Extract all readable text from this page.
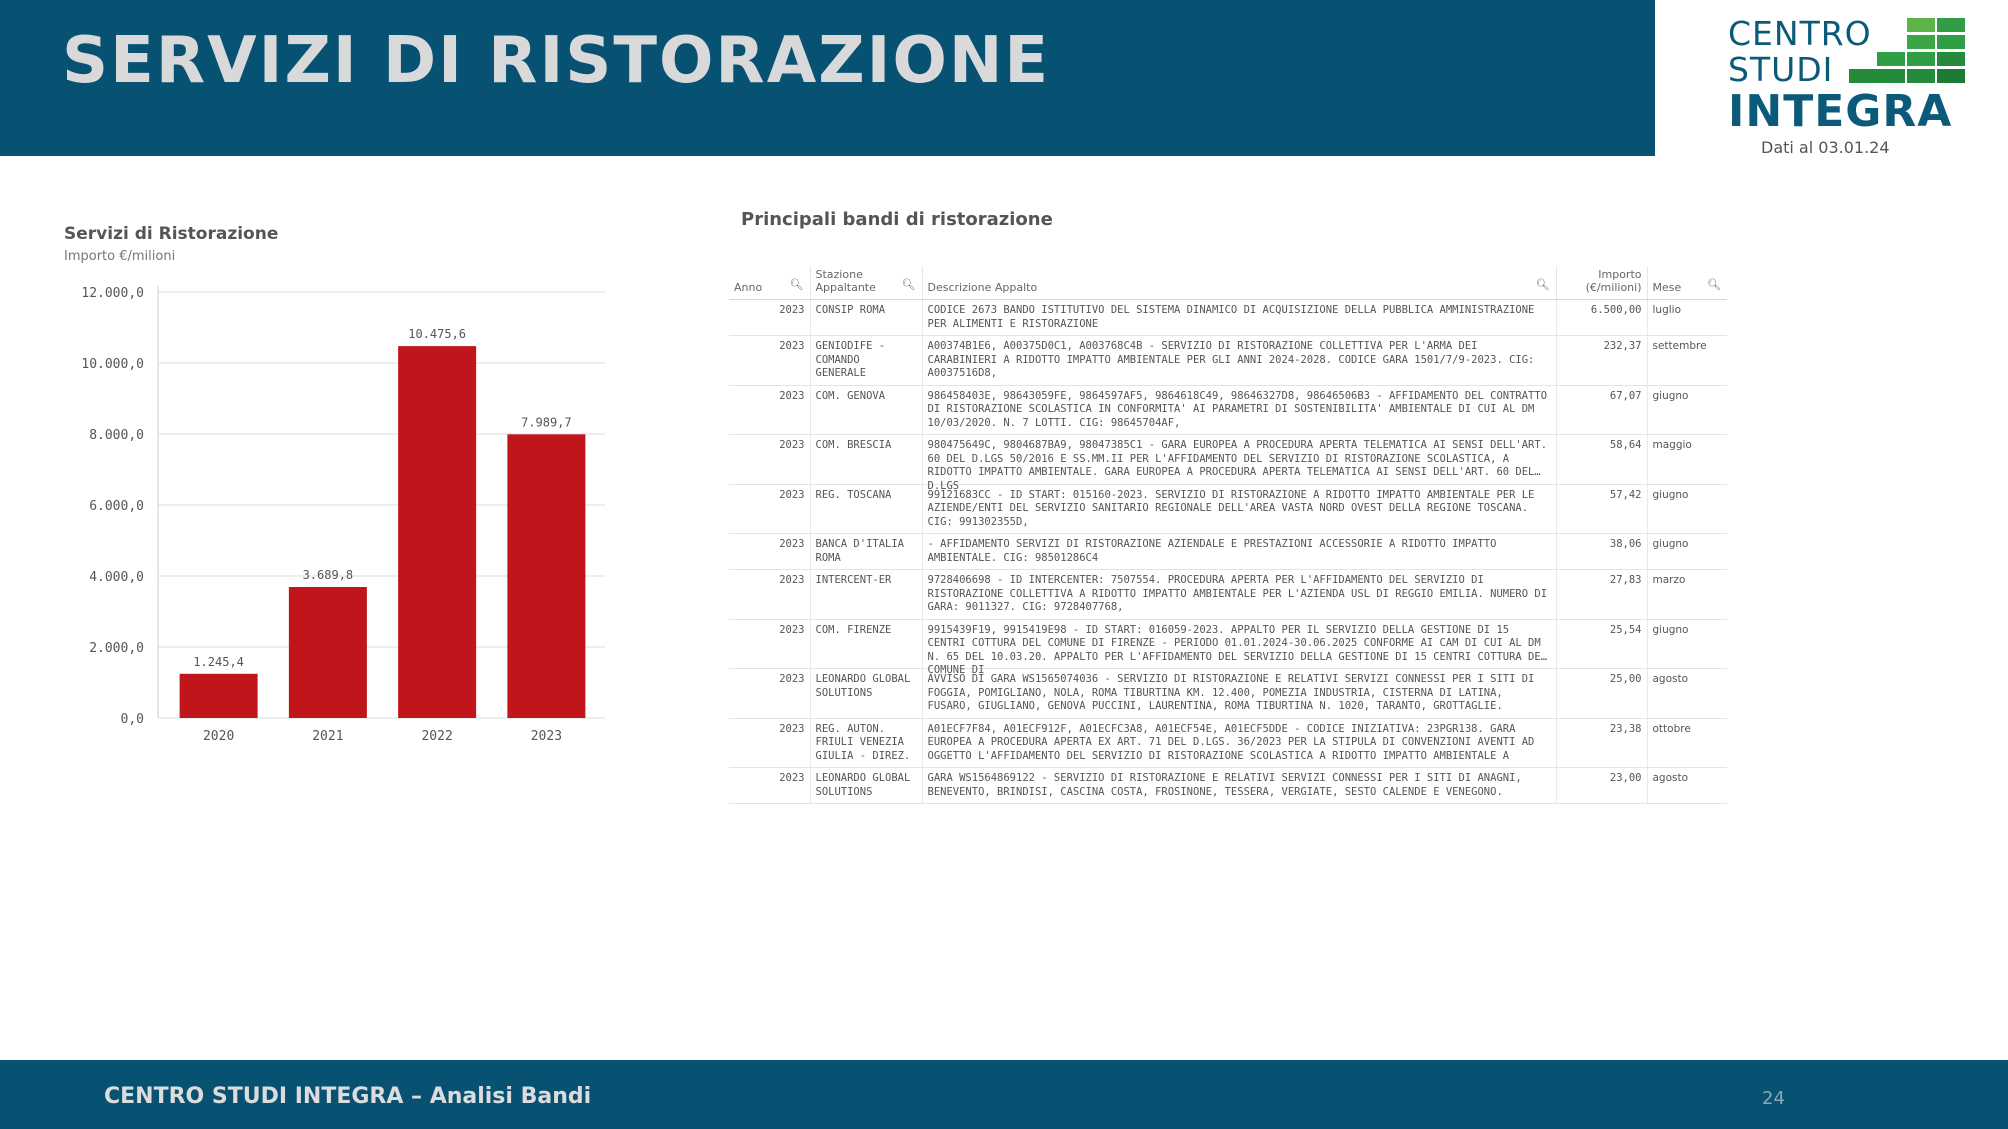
SERVIZI DI RISTORAZIONE	CENTRO
STUDI
INTEGRA
Dati al 03.01.24
Servizi di Ristorazione
Importo €/milioni
0,0
2.000,0
4.000,0
6.000,0
8.000,0
10.000,0
12.000,0
1.245,4
2020
3.689,8
2021
10.475,6
2022
7.989,7
2023
Principali bandi di ristorazione
Anno 🔍︎	Stazione Appaltante 🔍︎	Descrizione Appalto 🔍︎	Importo (€/milioni)	Mese 🔍︎

2023	CONSIP ROMA	CODICE 2673 BANDO ISTITUTIVO DEL SISTEMA DINAMICO DI ACQUISIZIONE DELLA PUBBLICA AMMINISTRAZIONE PER ALIMENTI E RISTORAZIONE	6.500,00	luglio

2023	GENIODIFE - COMANDO GENERALE	A00374B1E6, A00375D0C1, A003768C4B - SERVIZIO DI RISTORAZIONE COLLETTIVA PER L'ARMA DEI CARABINIERI A RIDOTTO IMPATTO AMBIENTALE PER GLI ANNI 2024-2028. CODICE GARA 1501/7/9-2023. CIG: A0037516D8,	232,37	settembre

2023	COM. GENOVA	986458403E, 98643059FE, 9864597AF5, 9864618C49, 98646327D8, 98646506B3 - AFFIDAMENTO DEL CONTRATTO DI RISTORAZIONE SCOLASTICA IN CONFORMITA' AI PARAMETRI DI SOSTENIBILITA' AMBIENTALE DI CUI AL DM 10/03/2020. N. 7 LOTTI. CIG: 98645704AF,	67,07	giugno

2023	COM. BRESCIA	980475649C, 9804687BA9, 98047385C1 - GARA EUROPEA A PROCEDURA APERTA TELEMATICA AI SENSI DELL'ART. 60 DEL D.LGS 50/2016 E SS.MM.II PER L'AFFIDAMENTO DEL SERVIZIO DI RISTORAZIONE SCOLASTICA, A RIDOTTO IMPATTO AMBIENTALE. GARA EUROPEA A PROCEDURA APERTA TELEMATICA AI SENSI DELL'ART. 60 DEL D.LGS	58,64	maggio

2023	REG. TOSCANA	99121683CC - ID START: 015160-2023. SERVIZIO DI RISTORAZIONE A RIDOTTO IMPATTO AMBIENTALE PER LE AZIENDE/ENTI DEL SERVIZIO SANITARIO REGIONALE DELL'AREA VASTA NORD OVEST DELLA REGIONE TOSCANA. CIG: 991302355D,	57,42	giugno

2023	BANCA D'ITALIA ROMA	- AFFIDAMENTO SERVIZI DI RISTORAZIONE AZIENDALE E PRESTAZIONI ACCESSORIE A RIDOTTO IMPATTO AMBIENTALE. CIG: 98501286C4	38,06	giugno

2023	INTERCENT-ER	9728406698 - ID INTERCENTER: 7507554. PROCEDURA APERTA PER L'AFFIDAMENTO DEL SERVIZIO DI RISTORAZIONE COLLETTIVA A RIDOTTO IMPATTO AMBIENTALE PER L'AZIENDA USL DI REGGIO EMILIA. NUMERO DI GARA: 9011327. CIG: 9728407768,	27,83	marzo

2023	COM. FIRENZE	9915439F19, 9915419E98 - ID START: 016059-2023. APPALTO PER IL SERVIZIO DELLA GESTIONE DI 15 CENTRI COTTURA DEL COMUNE DI FIRENZE - PERIODO 01.01.2024-30.06.2025 CONFORME AI CAM DI CUI AL DM N. 65 DEL 10.03.20. APPALTO PER L'AFFIDAMENTO DEL SERVIZIO DELLA GESTIONE DI 15 CENTRI COTTURA DEL COMUNE DI	25,54	giugno

2023	LEONARDO GLOBAL SOLUTIONS	AVVISO DI GARA WS1565074036 - SERVIZIO DI RISTORAZIONE E RELATIVI SERVIZI CONNESSI PER I SITI DI FOGGIA, POMIGLIANO, NOLA, ROMA TIBURTINA KM. 12.400, POMEZIA INDUSTRIA, CISTERNA DI LATINA, FUSARO, GIUGLIANO, GENOVA PUCCINI, LAURENTINA, ROMA TIBURTINA N. 1020, TARANTO, GROTTAGLIE.	25,00	agosto

2023	REG. AUTON. FRIULI VENEZIA GIULIA - DIREZ.	A01ECF7F84, A01ECF912F, A01ECFC3A8, A01ECF54E, A01ECF5DDE - CODICE INIZIATIVA: 23PGR138. GARA EUROPEA A PROCEDURA APERTA EX ART. 71 DEL D.LGS. 36/2023 PER LA STIPULA DI CONVENZIONI AVENTI AD OGGETTO L'AFFIDAMENTO DEL SERVIZIO DI RISTORAZIONE SCOLASTICA A RIDOTTO IMPATTO AMBIENTALE A	23,38	ottobre

2023	LEONARDO GLOBAL SOLUTIONS	GARA WS1564869122 - SERVIZIO DI RISTORAZIONE E RELATIVI SERVIZI CONNESSI PER I SITI DI ANAGNI, BENEVENTO, BRINDISI, CASCINA COSTA, FROSINONE, TESSERA, VERGIATE, SESTO CALENDE E VENEGONO.	23,00	agosto
CENTRO STUDI INTEGRA – Analisi Bandi	24
